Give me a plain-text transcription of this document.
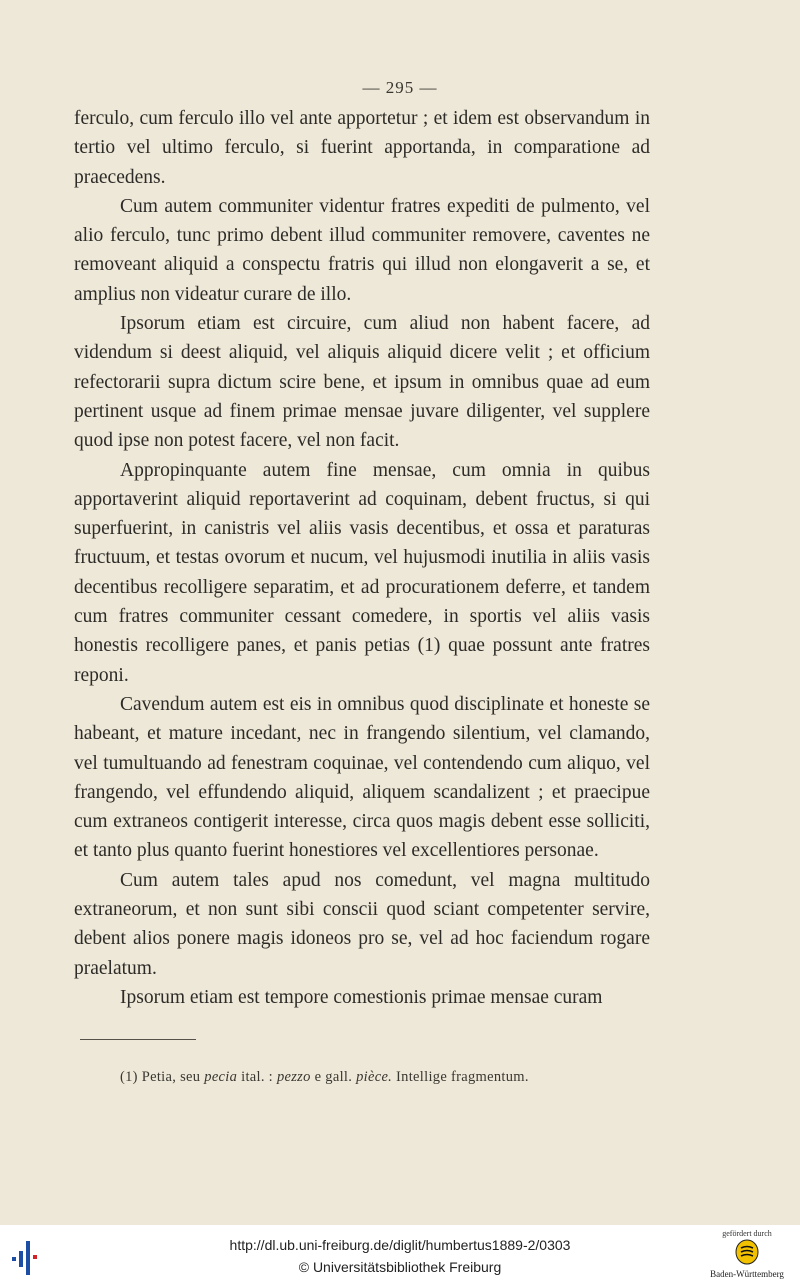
— 295 —

ferculo, cum ferculo illo vel ante apportetur ; et idem est observandum in tertio vel ultimo ferculo, si fuerint apportanda, in comparatione ad praecedens.

Cum autem communiter videntur fratres expediti de pulmento, vel alio ferculo, tunc primo debent illud communiter removere, caventes ne removeant aliquid a conspectu fratris qui illud non elongaverit a se, et amplius non videatur curare de illo.

Ipsorum etiam est circuire, cum aliud non habent facere, ad videndum si deest aliquid, vel aliquis aliquid dicere velit ; et officium refectorarii supra dictum scire bene, et ipsum in omnibus quae ad eum pertinent usque ad finem primae mensae juvare diligenter, vel supplere quod ipse non potest facere, vel non facit.

Appropinquante autem fine mensae, cum omnia in quibus apportaverint aliquid reportaverint ad coquinam, debent fructus, si qui superfuerint, in canistris vel aliis vasis decentibus, et ossa et paraturas fructuum, et testas ovorum et nucum, vel hujusmodi inutilia in aliis vasis decentibus recolligere separatim, et ad procurationem deferre, et tandem cum fratres communiter cessant comedere, in sportis vel aliis vasis honestis recolligere panes, et panis petias (1) quae possunt ante fratres reponi.

Cavendum autem est eis in omnibus quod disciplinate et honeste se habeant, et mature incedant, nec in frangendo silentium, vel clamando, vel tumultuando ad fenestram coquinae, vel contendendo cum aliquo, vel frangendo, vel effundendo aliquid, aliquem scandalizent ; et praecipue cum extraneos contigerit interesse, circa quos magis debent esse solliciti, et tanto plus quanto fuerint honestiores vel excellentiores personae.

Cum autem tales apud nos comedunt, vel magna multitudo extraneorum, et non sunt sibi conscii quod sciant competenter servire, debent alios ponere magis idoneos pro se, vel ad hoc faciendum rogare praelatum.

Ipsorum etiam est tempore comestionis primae mensae curam

(1) Petia, seu pecia ital. : pezzo e gall. pièce. Intellige fragmentum.
http://dl.ub.uni-freiburg.de/diglit/humbertus1889-2/0303
© Universitätsbibliothek Freiburg
gefördert durch
Baden-Württemberg
